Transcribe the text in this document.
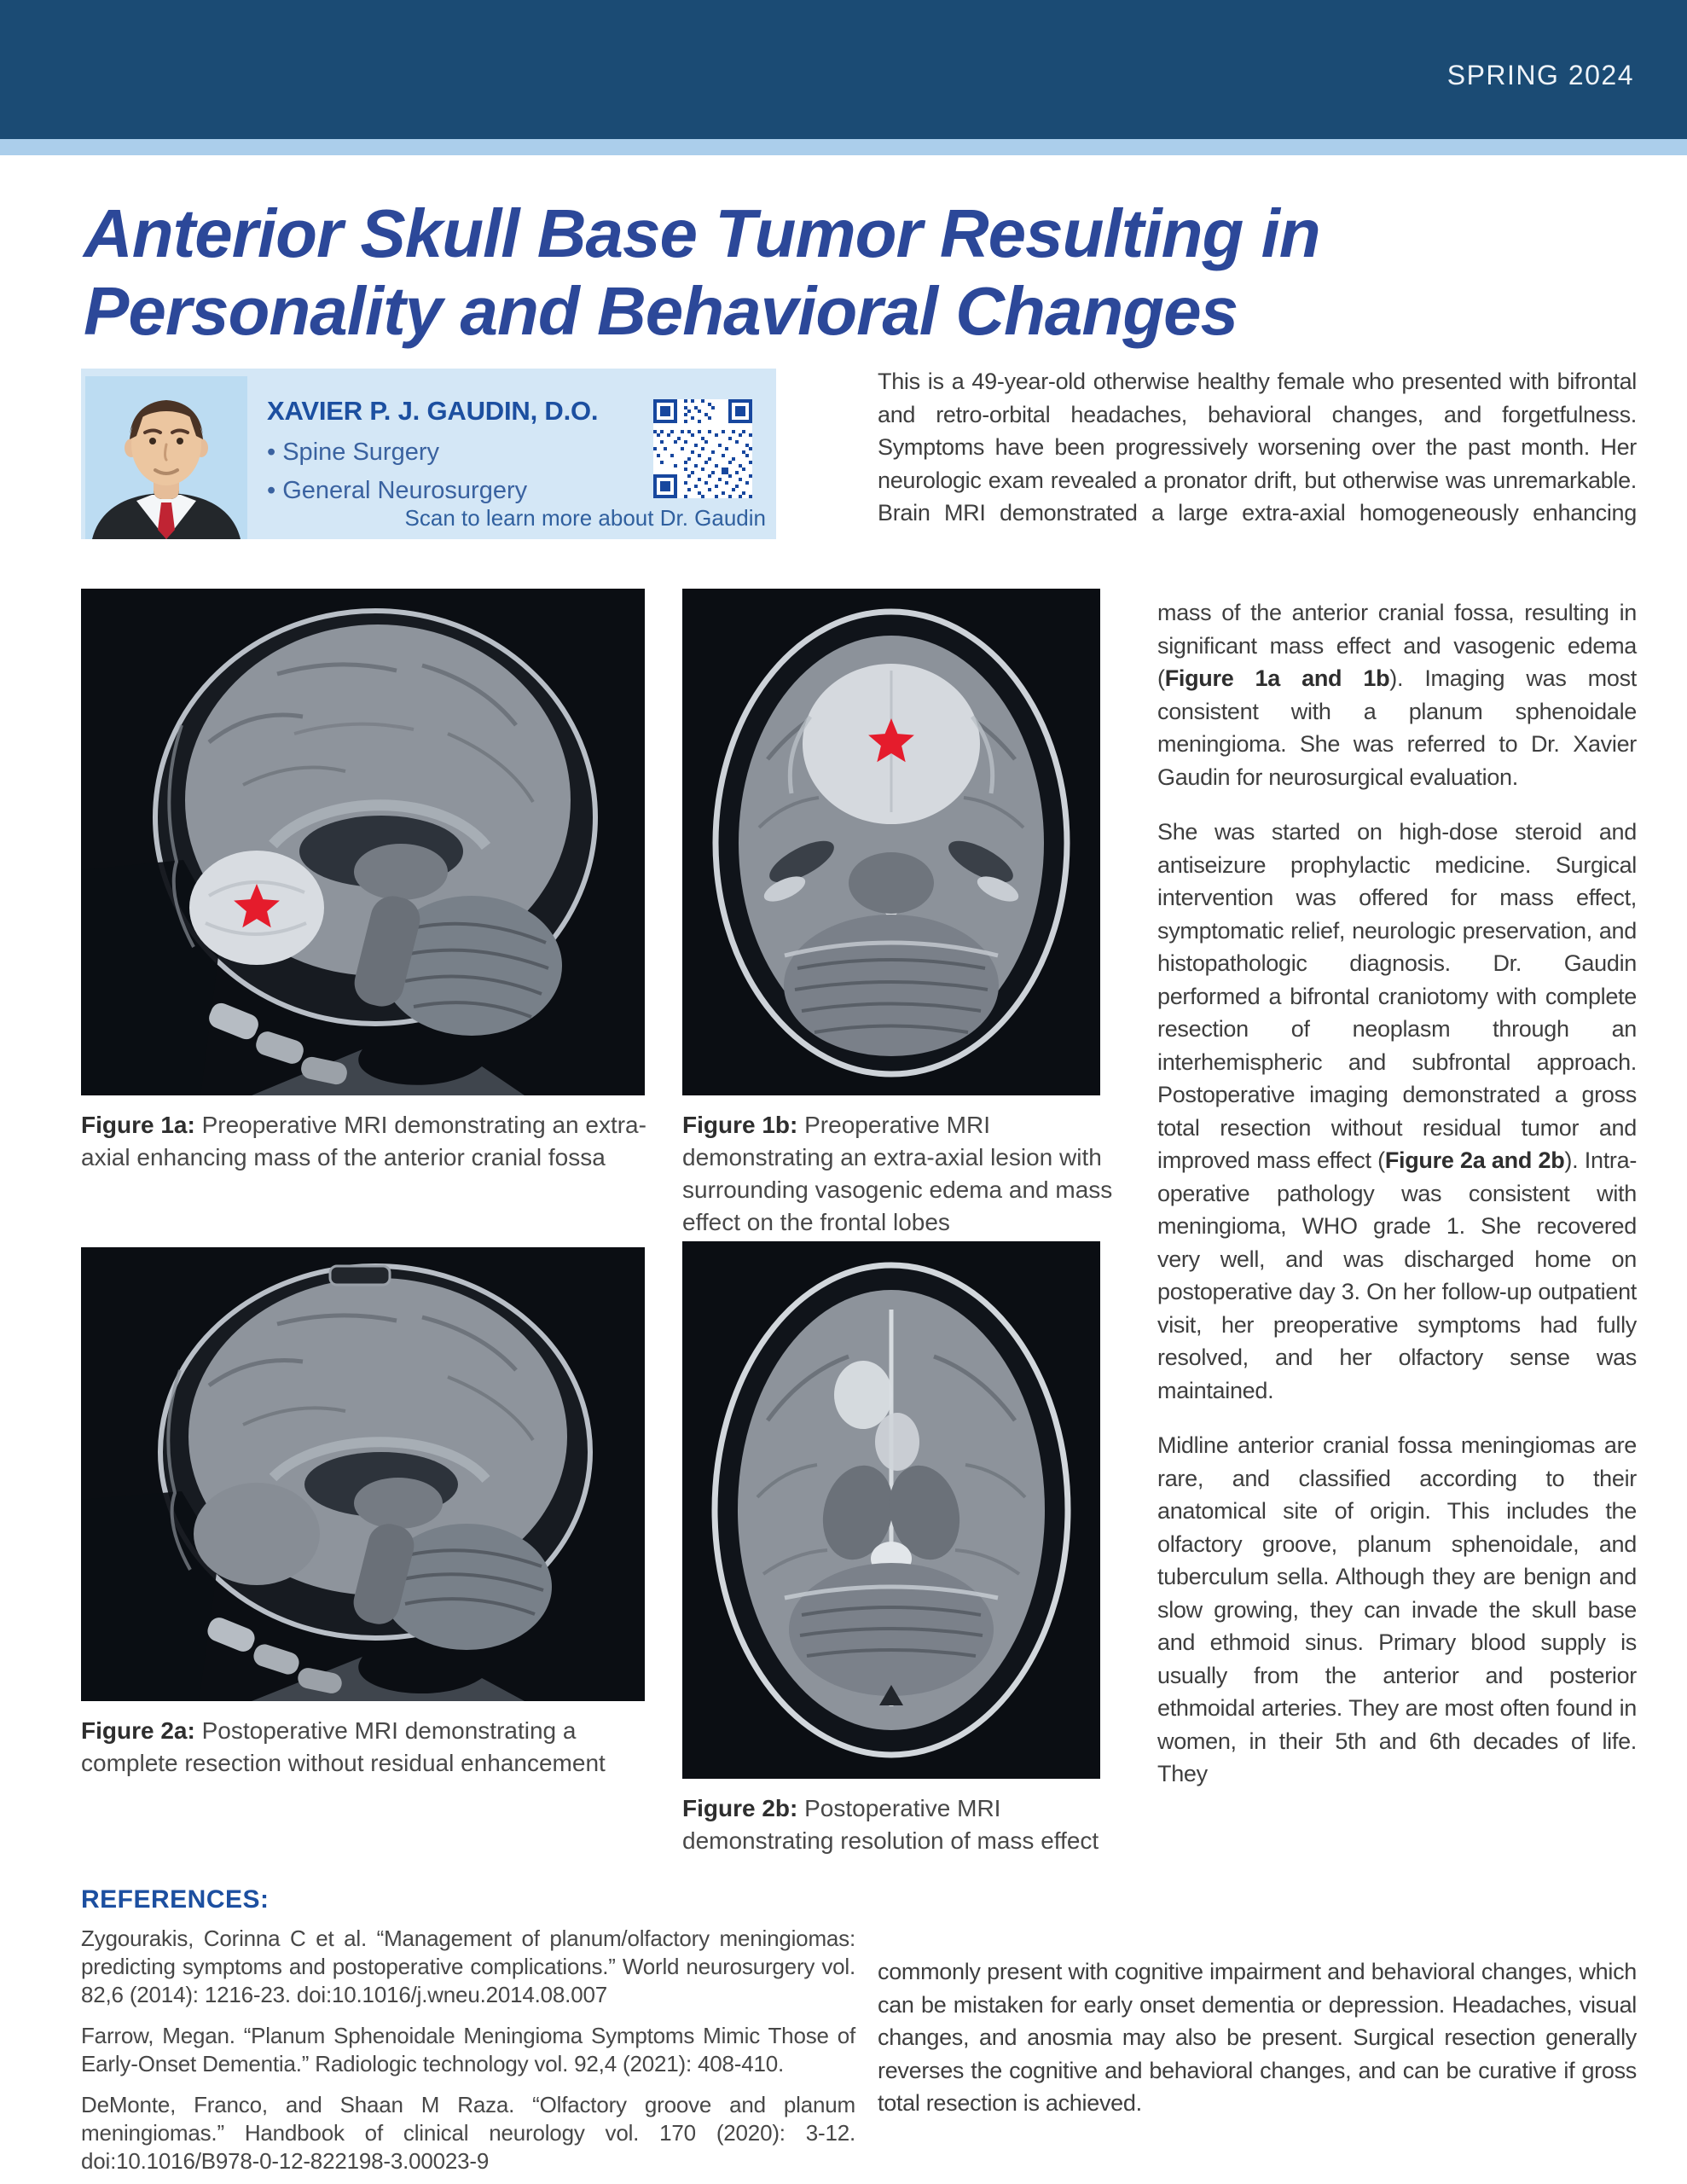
SPRING 2024
Anterior Skull Base Tumor Resulting in
Personality and Behavioral Changes
XAVIER P. J. GAUDIN, D.O.
• Spine Surgery
• General Neurosurgery
Scan to learn more about Dr. Gaudin
Figure 1a: Preoperative MRI demonstrating an extra-axial enhancing mass of the anterior cranial fossa
Figure 1b: Preoperative MRI demonstrating an extra-axial lesion with surrounding vasogenic edema and mass effect on the frontal lobes
Figure 2a: Postoperative MRI demonstrating a complete resection without residual enhancement
Figure 2b: Postoperative MRI demonstrating resolution of mass effect
This is a 49-year-old otherwise healthy female who presented with bifrontal and retro-orbital headaches, behavioral changes, and forgetfulness. Symptoms have been progressively worsening over the past month. Her neurologic exam revealed a pronator drift, but otherwise was unremarkable. Brain MRI demonstrated a large extra-axial homogeneously enhancing

mass of the anterior cranial fossa, resulting in significant mass effect and vasogenic edema (Figure 1a and 1b). Imaging was most consistent with a planum sphenoidale meningioma. She was referred to Dr. Xavier Gaudin for neurosurgical evaluation.

She was started on high-dose steroid and antiseizure prophylactic medicine. Surgical intervention was offered for mass effect, symptomatic relief, neurologic preservation, and histopathologic diagnosis. Dr. Gaudin performed a bifrontal craniotomy with complete resection of neoplasm through an interhemispheric and subfrontal approach. Postoperative imaging demonstrated a gross total resection without residual tumor and improved mass effect (Figure 2a and 2b). Intra-operative pathology was consistent with meningioma, WHO grade 1. She recovered very well, and was discharged home on postoperative day 3. On her follow-up outpatient visit, her preoperative symptoms had fully resolved, and her olfactory sense was maintained.

Midline anterior cranial fossa meningiomas are rare, and classified according to their anatomical site of origin. This includes the olfactory groove, planum sphenoidale, and tuberculum sella. Although they are benign and slow growing, they can invade the skull base and ethmoid sinus. Primary blood supply is usually from the anterior and posterior ethmoidal arteries. They are most often found in women, in their 5th and 6th decades of life. They

commonly present with cognitive impairment and behavioral changes, which can be mistaken for early onset dementia or depression. Headaches, visual changes, and anosmia may also be present. Surgical resection generally reverses the cognitive and behavioral changes, and can be curative if gross total resection is achieved.
REFERENCES:

Zygourakis, Corinna C et al. “Management of planum/olfactory meningiomas: predicting symptoms and postoperative complications.” World neurosurgery vol. 82,6 (2014): 1216-23. doi:10.1016/j.wneu.2014.08.007

Farrow, Megan. “Planum Sphenoidale Meningioma Symptoms Mimic Those of Early-Onset Dementia.” Radiologic technology vol. 92,4 (2021): 408-410.

DeMonte, Franco, and Shaan M Raza. “Olfactory groove and planum meningiomas.” Handbook of clinical neurology vol. 170 (2020): 3-12. doi:10.1016/B978-0-12-822198-3.00023-9
